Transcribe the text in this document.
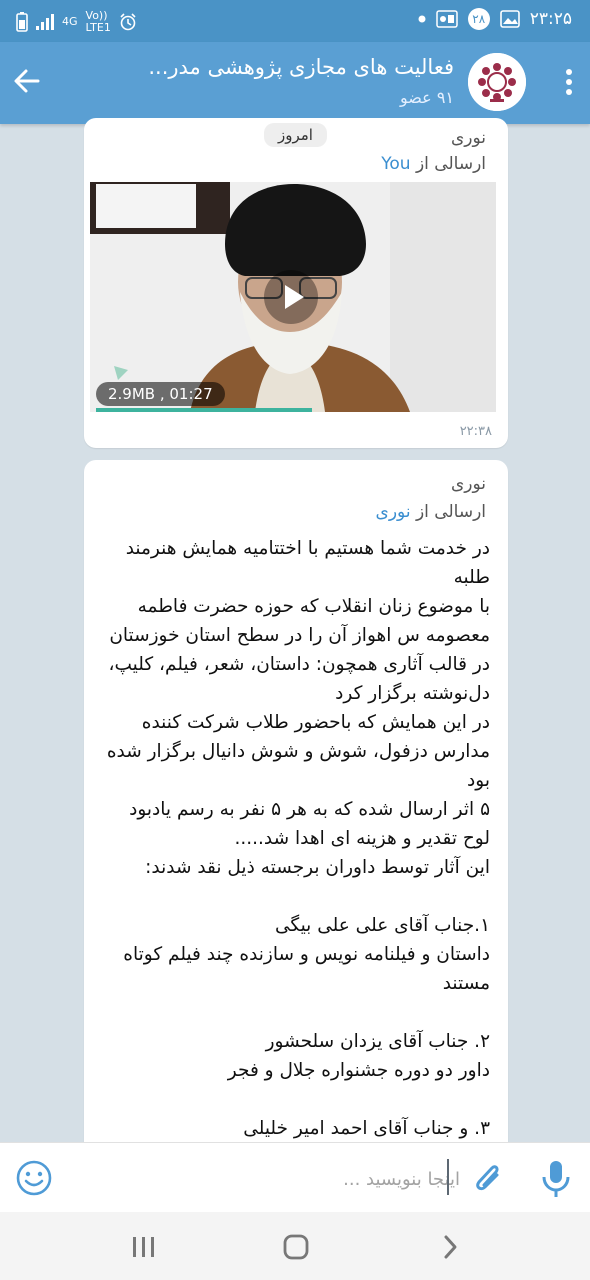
4G Vo))
LTE1
۲۸	۲۳:۲۵
فعالیت های مجازی پژوهشی مدر...
۹۱ عضو
نوری
ارسالی از You
امروز
2.9MB , 01:27
۲۲:۳۸
نوری
ارسالی از نوری

در خدمت شما هستیم با اختتامیه همایش هنرمند طلبه

با موضوع زنان انقلاب که حوزه حضرت فاطمه معصومه س اهواز آن را در سطح استان خوزستان در قالب آثاری همچون: داستان، شعر، فیلم، کلیپ، دل‌نوشته برگزار کرد

در این همایش که باحضور طلاب شرکت کننده مدارس دزفول، شوش و شوش دانیال برگزار شده بود

۵ اثر ارسال شده که به هر ۵ نفر به رسم یادبود لوح تقدیر و هزینه ای اهدا شد.....

این آثار توسط داوران برجسته ذیل نقد شدند:

١.جناب آقای علی علی بیگی

داستان و فیلنامه نویس و سازنده چند فیلم کوتاه مستند

٢. جناب آقای یزدان سلحشور

داور دو دوره جشنواره جلال و فجر

٣. و جناب آقای احمد امیر خلیلی

اینجا بنویسید ...
